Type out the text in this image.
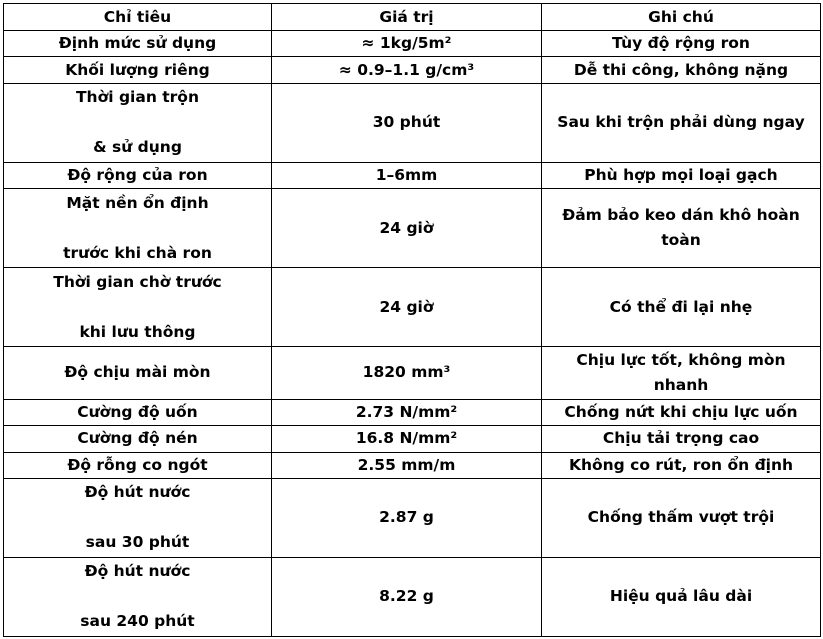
Chỉ tiêu	Giá trị	Ghi chú
Định mức sử dụng	≈ 1kg/5m²	Tùy độ rộng ron
Khối lượng riêng	≈ 0.9–1.1 g/cm³	Dễ thi công, không nặng

Thời gian trộn
& sử dụng	30 phút	Sau khi trộn phải dùng ngay
Độ rộng của ron	1–6mm	Phù hợp mọi loại gạch

Mặt nền ổn định
trước khi chà ron	24 giờ	Đảm bảo keo dán khô hoàn toàn

Thời gian chờ trước
khi lưu thông	24 giờ	Có thể đi lại nhẹ
Độ chịu mài mòn	1820 mm³	Chịu lực tốt, không mòn nhanh
Cường độ uốn	2.73 N/mm²	Chống nứt khi chịu lực uốn
Cường độ nén	16.8 N/mm²	Chịu tải trọng cao
Độ rỗng co ngót	2.55 mm/m	Không co rút, ron ổn định

Độ hút nước
sau 30 phút	2.87 g	Chống thấm vượt trội

Độ hút nước
sau 240 phút	8.22 g	Hiệu quả lâu dài
